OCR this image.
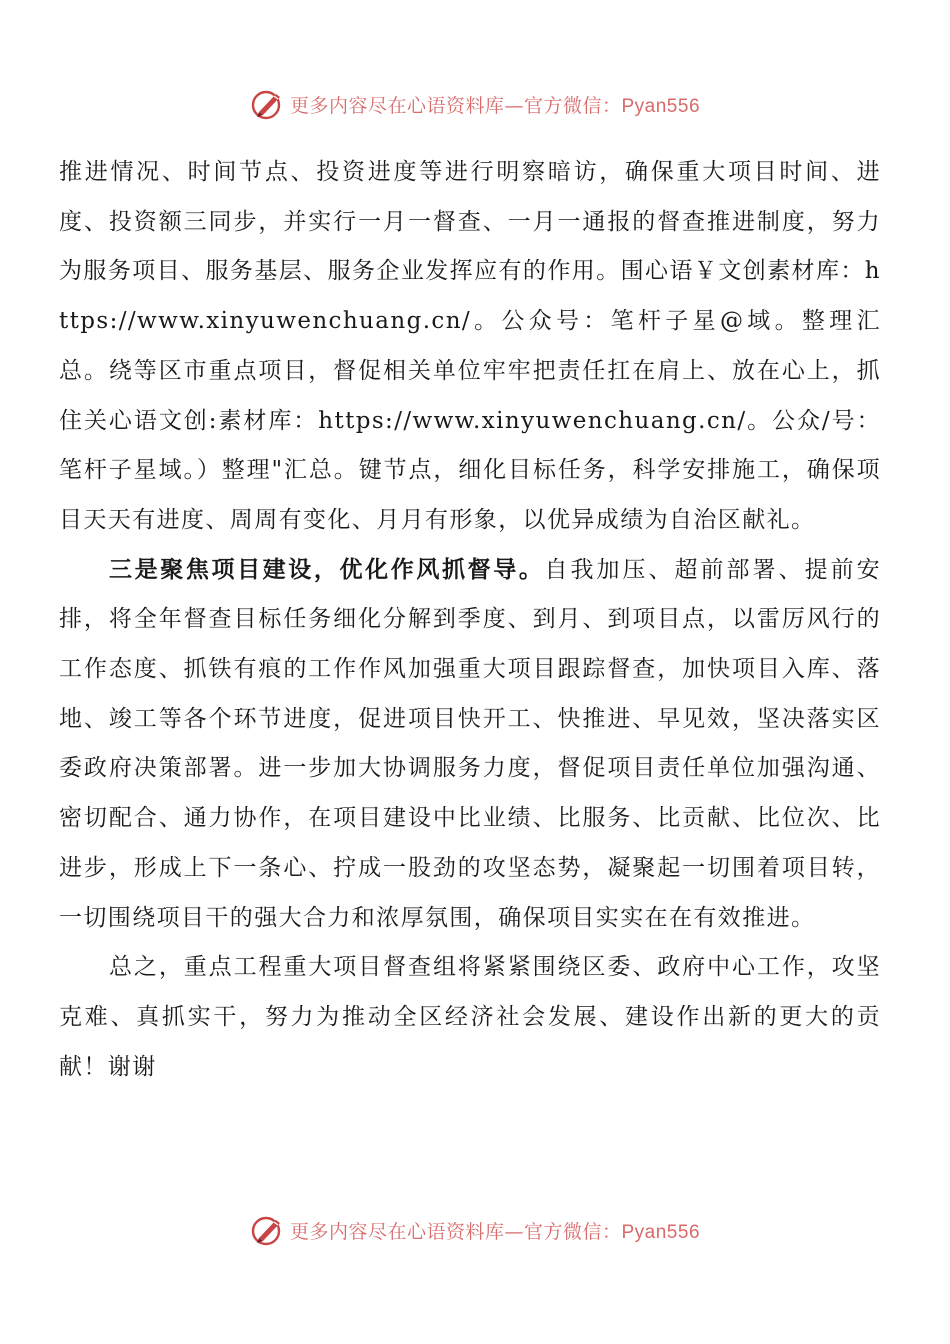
更多内容尽在心语资料库—官方微信：Pyan556

推进情况、时间节点、投资进度等进行明察暗访，确保重大项目时间、进度、投资额三同步，并实行一月一督查、一月一通报的督查推进制度，努力为服务项目、服务基层、服务企业发挥应有的作用。围心语￥文创素材库：https://www.xinyuwenchuang.cn/。公众号：笔杆子星@域。整理汇总。绕等区市重点项目，督促相关单位牢牢把责任扛在肩上、放在心上，抓住关心语文创:素材库：https://www.xinyuwenchuang.cn/。公众/号：笔杆子星域。）整理"汇总。键节点，细化目标任务，科学安排施工，确保项目天天有进度、周周有变化、月月有形象，以优异成绩为自治区献礼。

三是聚焦项目建设，优化作风抓督导。自我加压、超前部署、提前安排，将全年督查目标任务细化分解到季度、到月、到项目点，以雷厉风行的工作态度、抓铁有痕的工作作风加强重大项目跟踪督查，加快项目入库、落地、竣工等各个环节进度，促进项目快开工、快推进、早见效，坚决落实区委政府决策部署。进一步加大协调服务力度，督促项目责任单位加强沟通、密切配合、通力协作，在项目建设中比业绩、比服务、比贡献、比位次、比进步，形成上下一条心、拧成一股劲的攻坚态势，凝聚起一切围着项目转，一切围绕项目干的强大合力和浓厚氛围，确保项目实实在在有效推进。

总之，重点工程重大项目督查组将紧紧围绕区委、政府中心工作，攻坚克难、真抓实干，努力为推动全区经济社会发展、建设作出新的更大的贡献！谢谢

更多内容尽在心语资料库—官方微信：Pyan556
